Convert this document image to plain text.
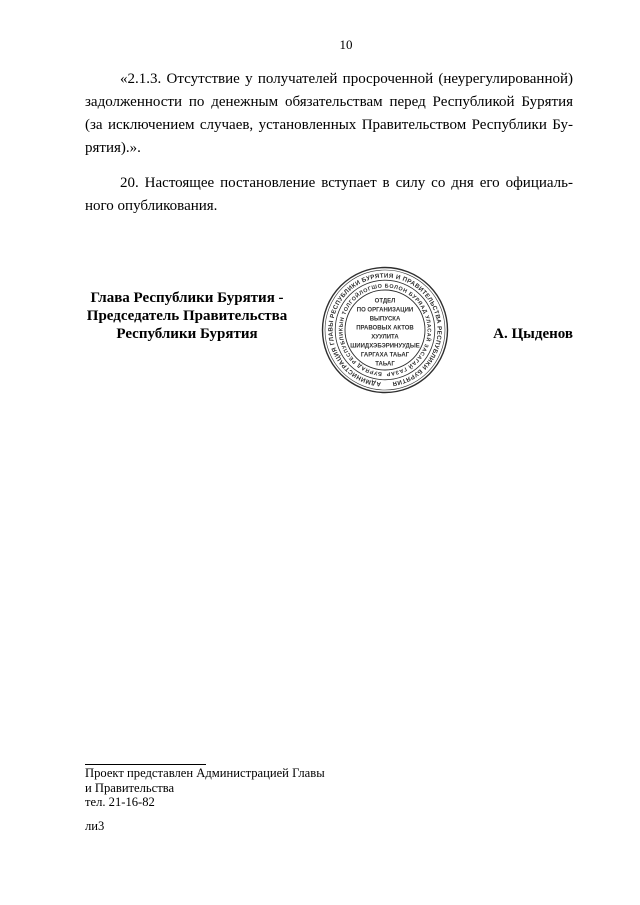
10
«2.1.3. Отсутствие у получателей просроченной (неурегулированной)
задолженности по денежным обязательствам перед Республикой Бурятия
(за исключением случаев, установленных Правительством Республики Бу-
рятия).».
20. Настоящее постановление вступает в силу со дня его официаль-
ного опубликования.
Глава Республики Бурятия -
Председатель Правительства
Республики Бурятия
АДМИНИСТРАЦИЯ ГЛАВЫ РЕСПУБЛИКИ БУРЯТИЯ И ПРАВИТЕЛЬСТВА РЕСПУБЛИКИ БУРЯТИЯ
БУРЯАД РЕСПУБЛИКЫН ТОЛГОЙЛОГШО БОЛОН БУРЯАД УЛАСАЙ ЗАСАГАЙ ГАЗАР
ОТДЕЛ
ПО ОРГАНИЗАЦИИ
ВЫПУСКА
ПРАВОВЫХ АКТОВ
ХУУЛИТА
ШИИДХЭБЭРИНУУДЫЕ
ГАРГАХА ТАЬАГ
ТАЬАГ
А. Цыденов
Проект представлен Администрацией Главы
и Правительства
тел. 21-16-82
ли3
